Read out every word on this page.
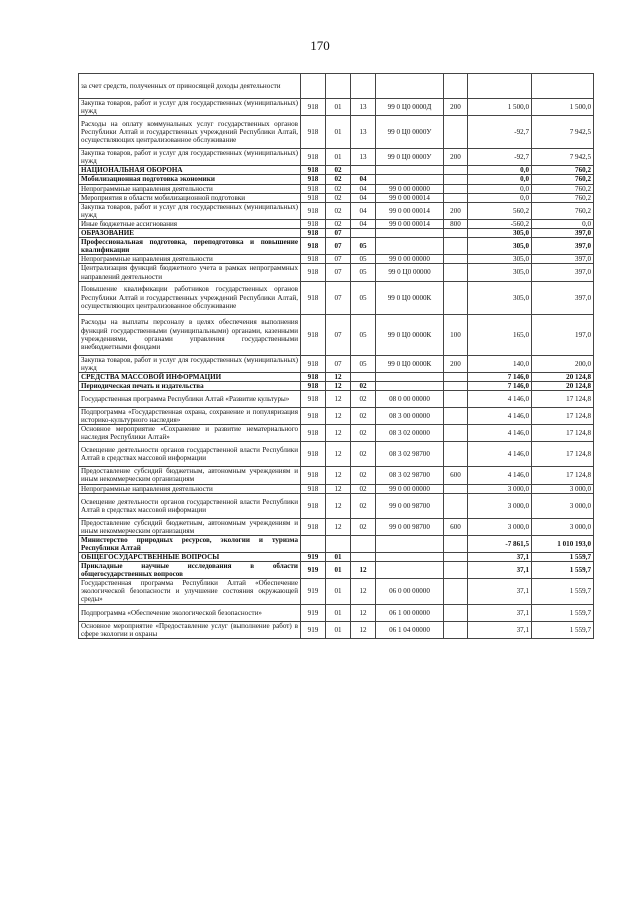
170
за счет средств, полученных от приносящей доходы деятельности							
Закупка товаров, работ и услуг для государственных (муниципальных) нужд	918	01	13	99 0 Ц0 0000Д	200	1 500,0	1 500,0
Расходы на оплату коммунальных услуг государственных органов Республики Алтай и государственных учреждений Республики Алтай, осуществляющих централизованное обслуживание	918	01	13	99 0 Ц0 0000У		-92,7	7 942,5
Закупка товаров, работ и услуг для государственных (муниципальных) нужд	918	01	13	99 0 Ц0 0000У	200	-92,7	7 942,5
НАЦИОНАЛЬНАЯ ОБОРОНА	918	02				0,0	760,2
Мобилизационная подготовка экономики	918	02	04			0,0	760,2
Непрограммные направления деятельности	918	02	04	99 0 00 00000		0,0	760,2
Мероприятия в области мобилизационной подготовки	918	02	04	99 0 00 00014		0,0	760,2
Закупка товаров, работ и услуг для государственных (муниципальных) нужд	918	02	04	99 0 00 00014	200	560,2	760,2
Иные бюджетные ассигнования	918	02	04	99 0 00 00014	800	-560,2	0,0
ОБРАЗОВАНИЕ	918	07				305,0	397,0
Профессиональная подготовка, переподготовка и повышение квалификации	918	07	05			305,0	397,0
Непрограммные направления деятельности	918	07	05	99 0 00 00000		305,0	397,0
Централизация функций бюджетного учета в рамках непрограммных направлений деятельности	918	07	05	99 0 Ц0 00000		305,0	397,0
Повышение квалификации работников государственных органов Республики Алтай и государственных учреждений Республики Алтай, осуществляющих централизованное обслуживание	918	07	05	99 0 Ц0 0000К		305,0	397,0
Расходы на выплаты персоналу в целях обеспечения выполнения функций государственными (муниципальными) органами, казенными учреждениями, органами управления государственными внебюджетными фондами	918	07	05	99 0 Ц0 0000К	100	165,0	197,0
Закупка товаров, работ и услуг для государственных (муниципальных) нужд	918	07	05	99 0 Ц0 0000К	200	140,0	200,0
СРЕДСТВА МАССОВОЙ ИНФОРМАЦИИ	918	12				7 146,0	20 124,8
Периодическая печать и издательства	918	12	02			7 146,0	20 124,8
Государственная программа Республики Алтай «Развитие культуры»	918	12	02	08 0 00 00000		4 146,0	17 124,8
Подпрограмма «Государственная охрана, сохранение и популяризация историко-культурного наследия»	918	12	02	08 3 00 00000		4 146,0	17 124,8
Основное мероприятие «Сохранение и развитие нематериального наследия Республики Алтай»	918	12	02	08 3 02 00000		4 146,0	17 124,8
Освещение деятельности органов государственной власти Республики Алтай в средствах массовой информации	918	12	02	08 3 02 98700		4 146,0	17 124,8
Предоставление субсидий бюджетным, автономным учреждениям и иным некоммерческим организациям	918	12	02	08 3 02 98700	600	4 146,0	17 124,8
Непрограммные направления деятельности	918	12	02	99 0 00 00000		3 000,0	3 000,0
Освещение деятельности органов государственной власти Республики Алтай в средствах массовой информации	918	12	02	99 0 00 98700		3 000,0	3 000,0
Предоставление субсидий бюджетным, автономным учреждениям и иным некоммерческим организациям	918	12	02	99 0 00 98700	600	3 000,0	3 000,0
Министерство природных ресурсов, экологии и туризма Республики Алтай						-7 861,5	1 010 193,0
ОБЩЕГОСУДАРСТВЕННЫЕ ВОПРОСЫ	919	01				37,1	1 559,7
Прикладные научные исследования в области общегосударственных вопросов	919	01	12			37,1	1 559,7
Государственная программа Республики Алтай «Обеспечение экологической безопасности и улучшение состояния окружающей среды»	919	01	12	06 0 00 00000		37,1	1 559,7
Подпрограмма «Обеспечение экологической безопасности»	919	01	12	06 1 00 00000		37,1	1 559,7
Основное мероприятие «Предоставление услуг (выполнение работ) в сфере экологии и охраны	919	01	12	06 1 04 00000		37,1	1 559,7
